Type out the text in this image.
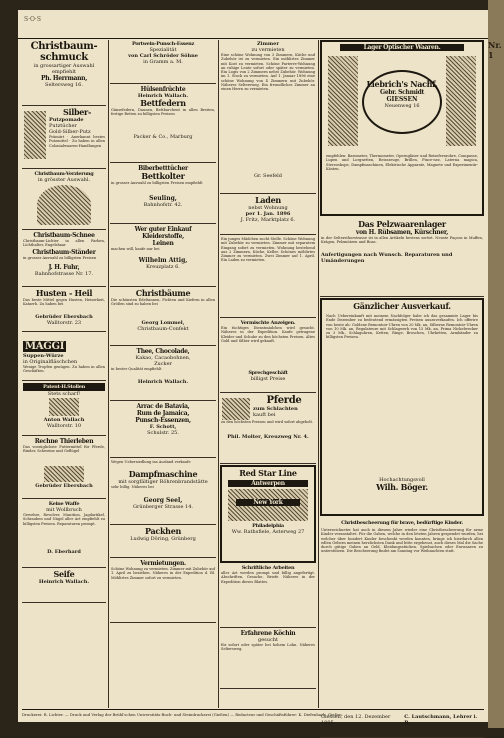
Nr. 1
S·O·S
Christbaum-
schmuck
in grossartiger Auswahl
empfiehlt
Ph. Herrmann,
Seltersweg 16.
Silber-
Putzpomade
Putztücher
Gold-Silber-Putz
Prämiirt · Anerkannt bestes Putzmittel · Zu haben in allen Colonialwaaren-Handlungen
Christbaum-Verzierung
in grösster Auswahl.
Christbaum-Schnee
Christbaum-Lichter in allen Farben, Lichthalter, Engelshaar
Christbaum-Ständer
in grosser Auswahl zu billigsten Preisen
J. H. Fuhr,
Bahnhofstrasse Nr. 17.
Husten - Heil
Das beste Mittel gegen Husten, Heiserkeit, Katarrh. Zu haben bei
Gebrüder Ebersbach
Walltorstr. 23
MAGGI
Suppen-Würze
in Originalfläschchen
Wenige Tropfen genügen. Zu haben in allen Geschäften.
Patent-H.Stollen
Stets scharf!
Anton Wallach
Walltorstr. 10
Rechne Thierleben
Das vorzüglichste Futtermittel für Pferde, Rinder, Schweine und Geflügel
Gebrüder Ebersbach
Keine Waffe
mit Wollbruch
Gewehre, Revolver, Munition, Jagdartikel, Schrauben und Nägel aller Art empfiehlt zu billigsten Preisen. Reparaturen prompt.
D. Eberhard
Seife
Heinrich Wallach.
Portwein-Punsch-Essenz
Spezialität
von Carl Schröder Söhne
in Gramm a. M.
Hülsenfrüchte
Heinrich Wallach.
Bettfedern
Gänsefedern, Daunen, Bettbarchent in allen Breiten, fertige Betten zu billigsten Preisen
Packer & Co., Marburg
Biberbetttücher
Bettkolter
in grosser Auswahl zu billigsten Preisen empfiehlt
Seuling,
Bahnhofstr. 42.
Wer guter Einkauf
Kleiderstoffe,
Leinen
machen will, kaufe nur bei
Wilhelm Attig,
Kreuzplatz 6.
Christbäume
Die schönsten Edeltannen, Fichten und Kiefern in allen Größen sind zu haben bei
Georg Lommel,
Christbaum-Confekt
Thee, Chocolade,
Kakao, Cacaobohnen,
Zucker
in bester Qualität empfiehlt
Heinrich Wallach.
Arrac de Batavia,
Rum de Jamaica,
Punsch-Essenzen,
F. Schott,
Schulstr. 25.
Wegen Uebersiedlung ins Ausland verkaufe
Dampfmaschine
mit sorgfältiger Röhrenbrandstätte
sehr billig. Näheres bei
Georg Seel,
Grünberger Strasse 14.
Packhen
Ludwig Döring, Grünberg
Vermietungen.
Schöne Wohnung zu vermieten. Zimmer mit Zubehör auf 1. April zu beziehen. Näheres in der Expedition d. Bl. Möblirtes Zimmer sofort zu vermieten.
Zimmer
zu vermieten
Eine schöne Wohnung von 3 Zimmern, Küche und Zubehör ist zu vermieten. Ein möblirtes Zimmer mit Kost zu vermieten. Schöne Parterre-Wohnung an ruhige Leute sofort oder später zu vermieten. Ein Logis von 2 Zimmern nebst Zubehör. Wohnung im 1. Stock zu vermieten. Auf 1. Januar 1896 eine schöne Wohnung von 4 Zimmern mit Zubehör. Näheres Seltersweg. Ein freundliches Zimmer an einen Herrn zu vermieten.
Gr. Seefeld
Laden
nebst Wohnung
per 1. Jan. 1896
J. Fritz, Marktplatz 6.
Ein junges Mädchen sucht Stelle. Schöne Wohnung mit Zubehör zu vermieten. Zimmer mit separatem Eingang sofort zu vermieten. Wohnung bestehend aus 2 Zimmern, Küche, Keller. Schönes möblirtes Zimmer zu vermieten. Zwei Zimmer auf 1. April. Ein Laden zu vermieten.
Vermischte Anzeigen.
Ein tüchtiges Dienstmädchen wird gesucht. Näheres in der Expedition. Kaufe getragene Kleider und Schuhe zu den höchsten Preisen. Altes Gold und Silber wird gekauft.
Sprechgeschäft
billigst Preise
Pferde
zum Schlachten
kauft bei
zu den höchsten Preisen und wird sofort abgeholt.
Phil. Molter, Kreuzweg Nr. 4.
Red Star Line
Antwerpen
New York
Philadelphia
Ww. Rathsfiele, Asterweg 27
Schriftliche Arbeiten
aller Art werden prompt und billig angefertigt. Abschriften, Gesuche, Briefe. Näheres in der Expedition dieses Blattes.
Erfahrene Köchin
gesucht
für sofort oder später bei hohem Lohn. Näheres Seltersweg.
Lager Optischer Waaren.
Liebrich's Nachf.
Gebr. Schmidt
GIESSEN
Neuenweg 16
empfehlen: Barometer, Thermometer, Operngläser und Reisefernrohre, Compasse, Lupen und Lorgnetten, Reisszeuge, Brillen, Pince-nez, Laterna magica, Stereoskope, Dampfmaschinen, Elektrische Apparate, Magnete und Experimentir-Kästen.
Das Pelzwaarenlager
von H. Rübsamen, Kürschner,
in der Seltersthorstrasse ist in allen Artikeln bestens sortirt. Neuste Façons in Muffen, Krägen, Pelzmützen und Boas.
Anfertigungen nach Wunsch. Reparaturen und Umänderungen
Gänzlicher Ausverkauf.
Nach Uebereinkunft mit meinem Nachfolger habe ich das gesammte Lager bis Ende Dezember zu bedeutend ermässigten Preisen auszuverkaufen. Ich offerire von heute ab: Goldene Remontoir-Uhren von 20 Mk. an, Silberne Remontoir-Uhren von 10 Mk. an, Regulateure mit Schlagwerk von 15 Mk. an, Prima Nickelwecker zu 3 Mk., Schlaguhren, Ketten, Ringe, Broschen, Uhrketten, Armbänder zu billigsten Preisen.
Hochachtungsvoll
Wilh. Böger.
Christbescheerung für brave, bedürftige Kinder.
Unterzeichneter hat auch in diesem Jahre wieder eine Christbescheerung für arme Kinder veranstaltet. Für die Gaben, welche in den letzten Jahren gespendet wurden, bei welcher über hundert Kinder beschenkt werden konnten, bringe ich hierdurch allen edlen Gebern meinen herzlichsten Dank und bitte ergebenst, auch dieses Mal die Sache durch gütige Gaben an Geld, Kleidungsstücken, Spielsachen oder Esswaaren zu unterstützen. Die Bescheerung findet am Sonntag vor Weihnachten statt.
Giessen, den 12. Dezember 1895.
C. Lautschmann, Lehrer i. R.
Druckerei: R. Lichter. — Druck und Verlag der Brühl'schen Universitäts-Buch- und Steindruckerei (Gießen) — Redacteur und Geschäftsführer: K. Diefenbach, Gießen.
